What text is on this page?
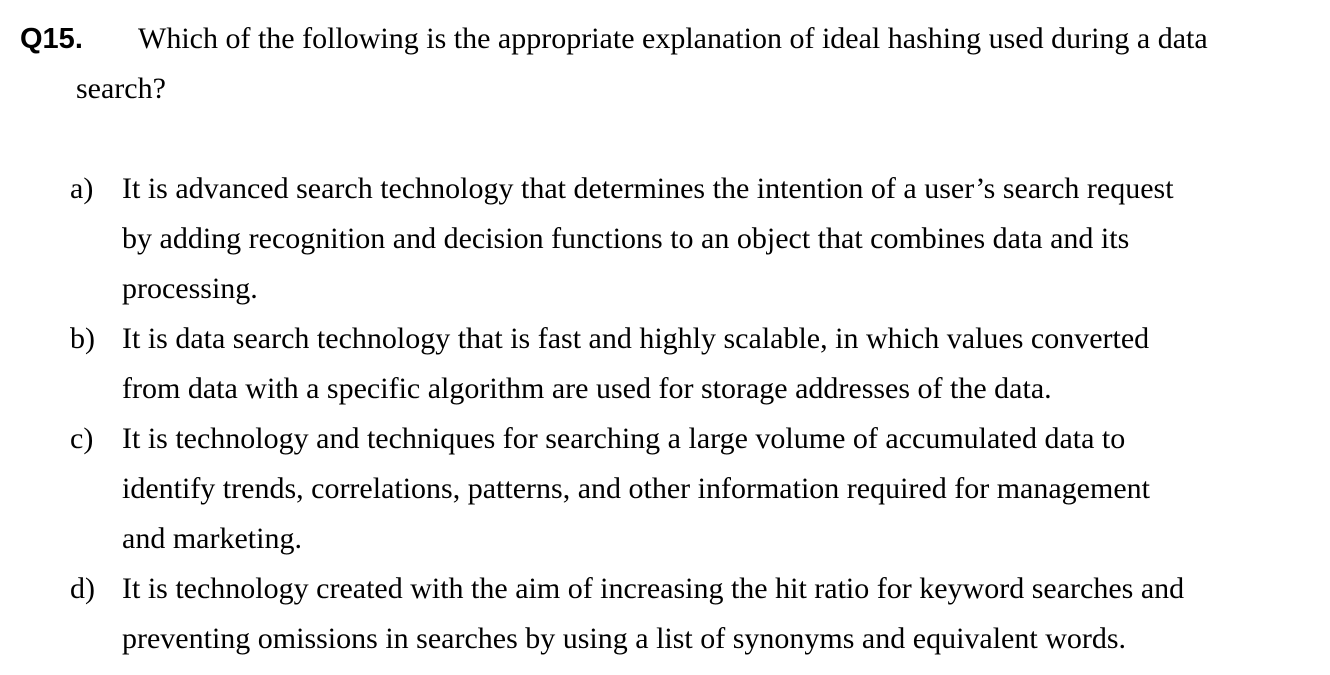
Q15. Which of the following is the appropriate explanation of ideal hashing used during a data
search?
a) It is advanced search technology that determines the intention of a user’s search request
by adding recognition and decision functions to an object that combines data and its
processing.
b) It is data search technology that is fast and highly scalable, in which values converted
from data with a specific algorithm are used for storage addresses of the data.
c) It is technology and techniques for searching a large volume of accumulated data to
identify trends, correlations, patterns, and other information required for management
and marketing.
d) It is technology created with the aim of increasing the hit ratio for keyword searches and
preventing omissions in searches by using a list of synonyms and equivalent words.
